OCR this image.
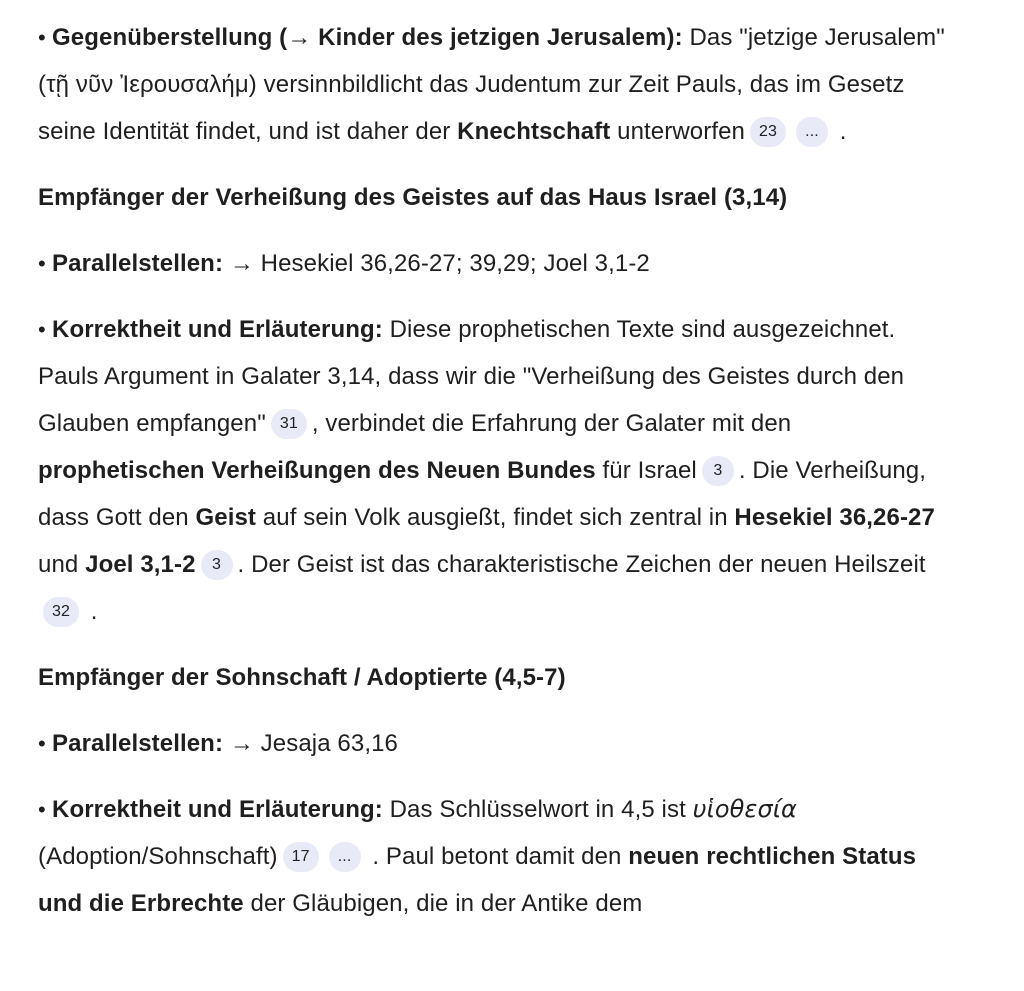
• Gegenüberstellung (→ Kinder des jetzigen Jerusalem): Das "jetzige Jerusalem" (τῇ νῦν Ἰερουσαλήμ) versinnbildlicht das Judentum zur Zeit Pauls, das im Gesetz seine Identität findet, und ist daher der Knechtschaft unterworfen 23 ... .
Empfänger der Verheißung des Geistes auf das Haus Israel (3,14)
• Parallelstellen: → Hesekiel 36,26-27; 39,29; Joel 3,1-2
• Korrektheit und Erläuterung: Diese prophetischen Texte sind ausgezeichnet. Pauls Argument in Galater 3,14, dass wir die "Verheißung des Geistes durch den Glauben empfangen" 31 , verbindet die Erfahrung der Galater mit den prophetischen Verheißungen des Neuen Bundes für Israel 3 . Die Verheißung, dass Gott den Geist auf sein Volk ausgießt, findet sich zentral in Hesekiel 36,26-27 und Joel 3,1-2 3 . Der Geist ist das charakteristische Zeichen der neuen Heilszeit32 .
Empfänger der Sohnschaft / Adoptierte (4,5-7)
• Parallelstellen: → Jesaja 63,16
• Korrektheit und Erläuterung: Das Schlüsselwort in 4,5 ist υἱοθεσία (Adoption/Sohnschaft) 17 ... . Paul betont damit den neuen rechtlichen Status und die Erbrechte der Gläubigen, die in der Antike dem
